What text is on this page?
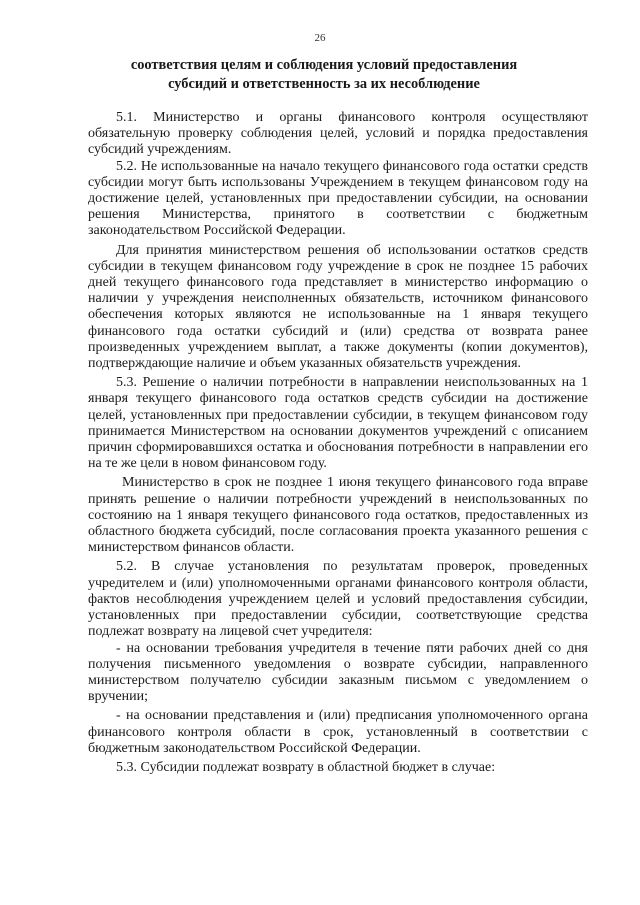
26
соответствия целям и соблюдения условий предоставления
субсидий и ответственность за их несоблюдение

5.1. Министерство и органы финансового контроля осуществляют обязательную проверку соблюдения целей, условий и порядка предоставления субсидий учреждениям.

5.2. Не использованные на начало текущего финансового года остатки средств субсидии могут быть использованы Учреждением в текущем финансовом году на достижение целей, установленных при предоставлении субсидии, на основании решения Министерства, принятого в соответствии с бюджетным законодательством Российской Федерации.

Для принятия министерством решения об использовании остатков средств субсидии в текущем финансовом году учреждение в срок не позднее 15 рабочих дней текущего финансового года представляет в министерство информацию о наличии у учреждения неисполненных обязательств, источником финансового обеспечения которых являются не использованные на 1 января текущего финансового года остатки субсидий и (или) средства от возврата ранее произведенных учреждением выплат, а также документы (копии документов), подтверждающие наличие и объем указанных обязательств учреждения.

5.3. Решение о наличии потребности в направлении неиспользованных на 1 января текущего финансового года остатков средств субсидии на достижение целей, установленных при предоставлении субсидии, в текущем финансовом году принимается Министерством на основании документов учреждений с описанием причин сформировавшихся остатка и обоснования потребности в направлении его на те же цели в новом финансовом году.

Министерство в срок не позднее 1 июня текущего финансового года вправе принять решение о наличии потребности учреждений в неиспользованных по состоянию на 1 января текущего финансового года остатков, предоставленных из областного бюджета субсидий, после согласования проекта указанного решения с министерством финансов области.

5.2. В случае установления по результатам проверок, проведенных учредителем и (или) уполномоченными органами финансового контроля области, фактов несоблюдения учреждением целей и условий предоставления субсидии, установленных при предоставлении субсидии, соответствующие средства подлежат возврату на лицевой счет учредителя:

- на основании требования учредителя в течение пяти рабочих дней со дня получения письменного уведомления о возврате субсидии, направленного министерством получателю субсидии заказным письмом с уведомлением о вручении;

- на основании представления и (или) предписания уполномоченного органа финансового контроля области в срок, установленный в соответствии с бюджетным законодательством Российской Федерации.

5.3. Субсидии подлежат возврату в областной бюджет в случае:
